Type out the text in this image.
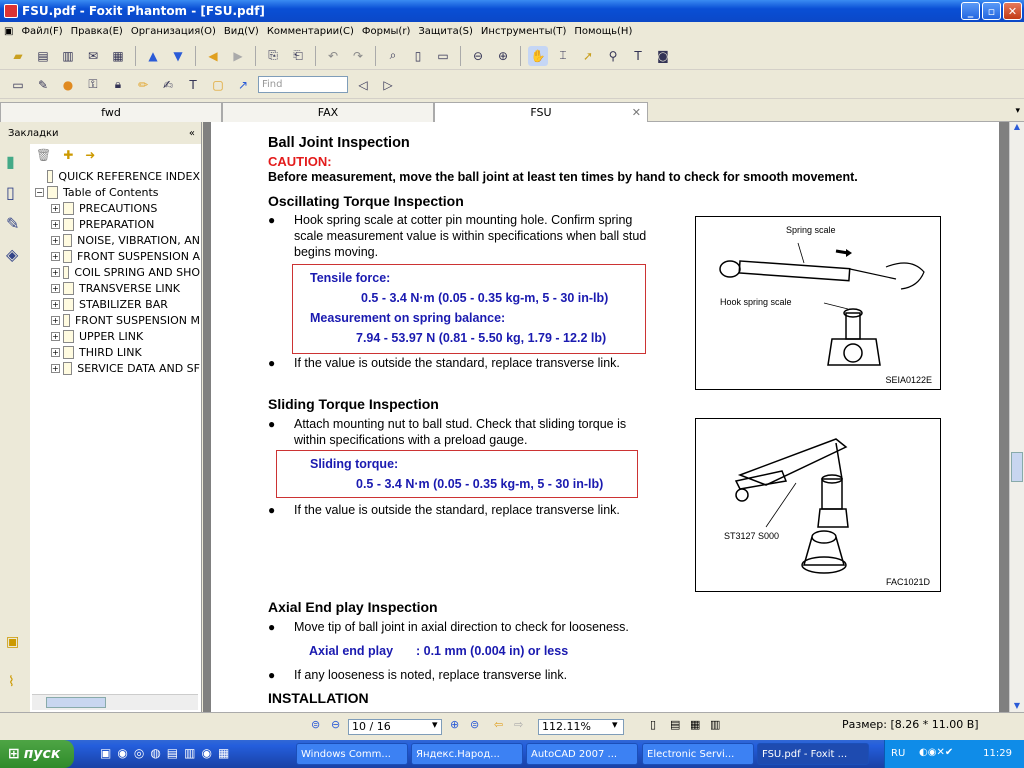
FSU.pdf - Foxit Phantom - [FSU.pdf]	_	▫	✕
▣ Файл(F) Правка(E) Организация(O) Вид(V) Комментарии(C) Формы(r) Защита(S) Инструменты(T) Помощь(H)
▰	▤	▥	✉	▦	▲	▼	◀	▶	⎘	⎗	↶	↷	⌕	▯	▭	⊖	⊕	✋	⌶	➚	⚲	T	◙
▭	✎	●	⚿	🔒︎	✏	✍	T	▢	↗	Find	◁	▷
fwd	FAX	FSU	✕	▾
Закладки	«
▮
▯
✎
◈
▣
⌇
🗑︎ ✚ ➜
QUICK REFERENCE INDEX
− Table of Contents
+ PRECAUTIONS
+ PREPARATION
+ NOISE, VIBRATION, AN
+ FRONT SUSPENSION A
+ COIL SPRING AND SHO
+ TRANSVERSE LINK
+ STABILIZER BAR
+ FRONT SUSPENSION M
+ UPPER LINK
+ THIRD LINK
+ SERVICE DATA AND SF
Ball Joint Inspection
CAUTION:
Before measurement, move the ball joint at least ten times by hand to check for smooth movement.
Oscillating Torque Inspection
● Hook spring scale at cotter pin mounting hole. Confirm spring
scale measurement value is within specifications when ball stud
begins moving.
Tensile force:
0.5 - 3.4 N·m (0.05 - 0.35 kg-m, 5 - 30 in-lb)
Measurement on spring balance:
7.94 - 53.97 N (0.81 - 5.50 kg, 1.79 - 12.2 lb)
● If the value is outside the standard, replace transverse link.
Spring scale
Hook spring scale
SEIA0122E
Sliding Torque Inspection
● Attach mounting nut to ball stud. Check that sliding torque is
within specifications with a preload gauge.
Sliding torque:
0.5 - 3.4 N·m (0.05 - 0.35 kg-m, 5 - 30 in-lb)
● If the value is outside the standard, replace transverse link.
ST3127 S000
FAC1021D
Axial End play Inspection
● Move tip of ball joint in axial direction to check for looseness.
Axial end play : 0.1 mm (0.004 in) or less
● If any looseness is noted, replace transverse link.
INSTALLATION
▲
▼
⊜ ⊖	10 / 16	▾ ⊕ ⊜ ⇦ ⇨	112.11%	▾	▯ ▤ ▦ ▥	Размер: [8.26 * 11.00 В]
⊞ пуск	▣ ◉ ◎ ◍ ▤ ▥ ◉ ▦	Windows Comm...	Яндекс.Народ...	AutoCAD 2007 ...	Electronic Servi...	FSU.pdf - Foxit ...	RU ◐◉✕✔	11:29
